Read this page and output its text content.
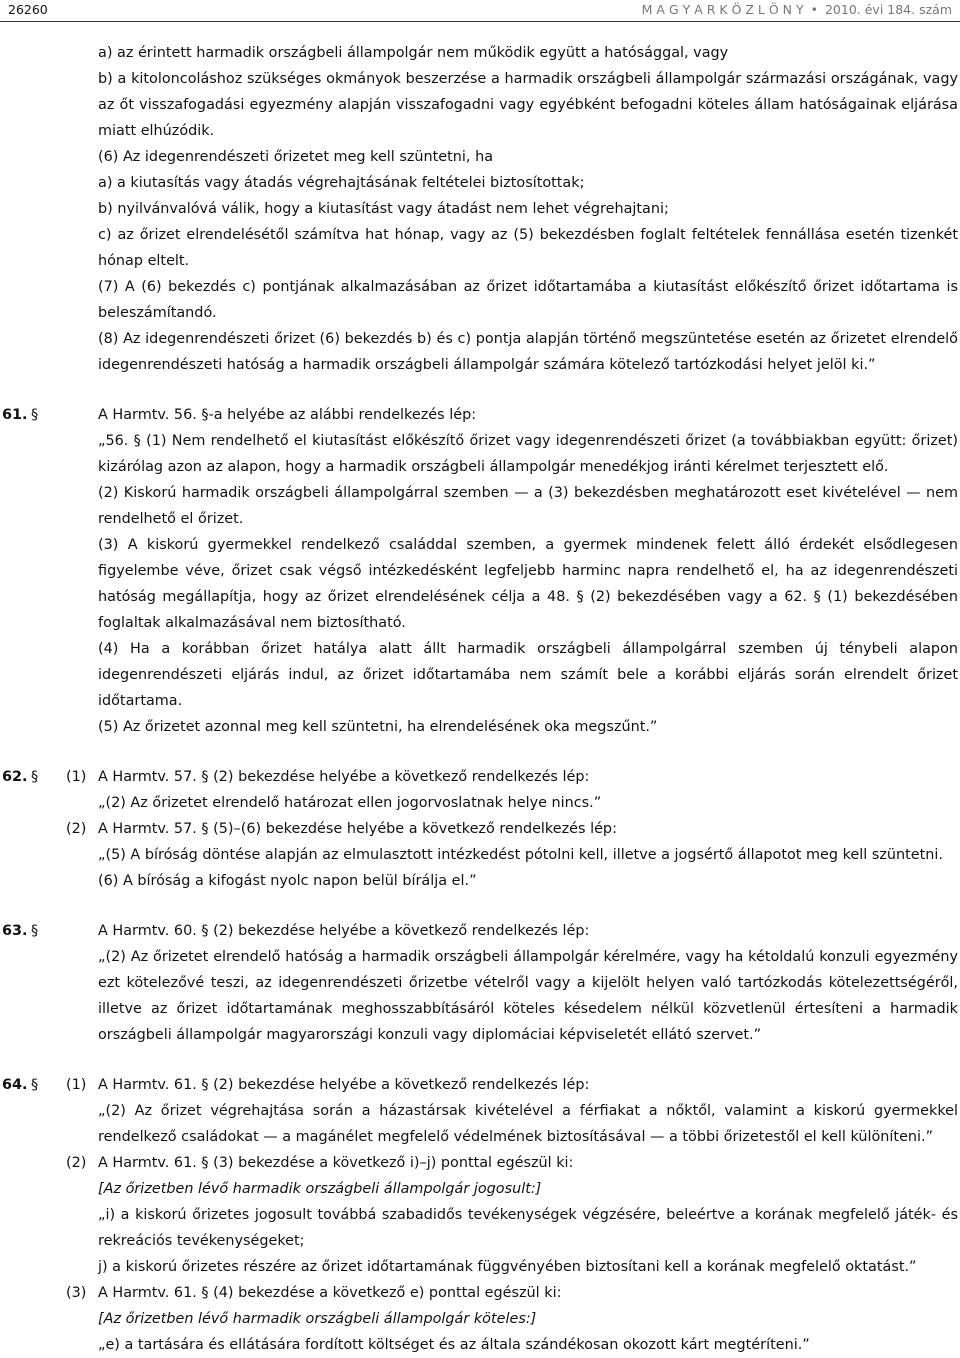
26260	M A G Y A R K Ö Z L Ö N Y • 2010. évi 184. szám
a) az érintett harmadik országbeli állampolgár nem működik együtt a hatósággal, vagy
b) a kitoloncoláshoz szükséges okmányok beszerzése a harmadik országbeli állampolgár származási országának, vagy az őt visszafogadási egyezmény alapján visszafogadni vagy egyébként befogadni köteles állam hatóságainak eljárása miatt elhúzódik.
(6) Az idegenrendészeti őrizetet meg kell szüntetni, ha
a) a kiutasítás vagy átadás végrehajtásának feltételei biztosítottak;
b) nyilvánvalóvá válik, hogy a kiutasítást vagy átadást nem lehet végrehajtani;
c) az őrizet elrendelésétől számítva hat hónap, vagy az (5) bekezdésben foglalt feltételek fennállása esetén tizenkét hónap eltelt.
(7) A (6) bekezdés c) pontjának alkalmazásában az őrizet időtartamába a kiutasítást előkészítő őrizet időtartama is beleszámítandó.
(8) Az idegenrendészeti őrizet (6) bekezdés b) és c) pontja alapján történő megszüntetése esetén az őrizetet elrendelő idegenrendészeti hatóság a harmadik országbeli állampolgár számára kötelező tartózkodási helyet jelöl ki.”
61. §	A Harmtv. 56. §-a helyébe az alábbi rendelkezés lép:
„56. § (1) Nem rendelhető el kiutasítást előkészítő őrizet vagy idegenrendészeti őrizet (a továbbiakban együtt: őrizet) kizárólag azon az alapon, hogy a harmadik országbeli állampolgár menedékjog iránti kérelmet terjesztett elő.
(2) Kiskorú harmadik országbeli állampolgárral szemben — a (3) bekezdésben meghatározott eset kivételével — nem rendelhető el őrizet.
(3) A kiskorú gyermekkel rendelkező családdal szemben, a gyermek mindenek felett álló érdekét elsődlegesen figyelembe véve, őrizet csak végső intézkedésként legfeljebb harminc napra rendelhető el, ha az idegenrendészeti hatóság megállapítja, hogy az őrizet elrendelésének célja a 48. § (2) bekezdésében vagy a 62. § (1) bekezdésében foglaltak alkalmazásával nem biztosítható.
(4) Ha a korábban őrizet hatálya alatt állt harmadik országbeli állampolgárral szemben új ténybeli alapon idegenrendészeti eljárás indul, az őrizet időtartamába nem számít bele a korábbi eljárás során elrendelt őrizet időtartama.
(5) Az őrizetet azonnal meg kell szüntetni, ha elrendelésének oka megszűnt.”
62. § (1) A Harmtv. 57. § (2) bekezdése helyébe a következő rendelkezés lép:
„(2) Az őrizetet elrendelő határozat ellen jogorvoslatnak helye nincs.”
(2) A Harmtv. 57. § (5)–(6) bekezdése helyébe a következő rendelkezés lép:
„(5) A bíróság döntése alapján az elmulasztott intézkedést pótolni kell, illetve a jogsértő állapotot meg kell szüntetni.
(6) A bíróság a kifogást nyolc napon belül bírálja el.”
63. §	A Harmtv. 60. § (2) bekezdése helyébe a következő rendelkezés lép:
„(2) Az őrizetet elrendelő hatóság a harmadik országbeli állampolgár kérelmére, vagy ha kétoldalú konzuli egyezmény ezt kötelezővé teszi, az idegenrendészeti őrizetbe vételről vagy a kijelölt helyen való tartózkodás kötelezettségéről, illetve az őrizet időtartamának meghosszabbításáról köteles késedelem nélkül közvetlenül értesíteni a harmadik országbeli állampolgár magyarországi konzuli vagy diplomáciai képviseletét ellátó szervet.”
64. § (1) A Harmtv. 61. § (2) bekezdése helyébe a következő rendelkezés lép:
„(2) Az őrizet végrehajtása során a házastársak kivételével a férfiakat a nőktől, valamint a kiskorú gyermekkel rendelkező családokat — a magánélet megfelelő védelmének biztosításával — a többi őrizetestől el kell különíteni.”
(2) A Harmtv. 61. § (3) bekezdése a következő i)–j) ponttal egészül ki:
[Az őrizetben lévő harmadik országbeli állampolgár jogosult:]
„i) a kiskorú őrizetes jogosult továbbá szabadidős tevékenységek végzésére, beleértve a korának megfelelő játék- és rekreációs tevékenységeket;
j) a kiskorú őrizetes részére az őrizet időtartamának függvényében biztosítani kell a korának megfelelő oktatást.”
(3) A Harmtv. 61. § (4) bekezdése a következő e) ponttal egészül ki:
[Az őrizetben lévő harmadik országbeli állampolgár köteles:]
„e) a tartására és ellátására fordított költséget és az általa szándékosan okozott kárt megtéríteni.”
